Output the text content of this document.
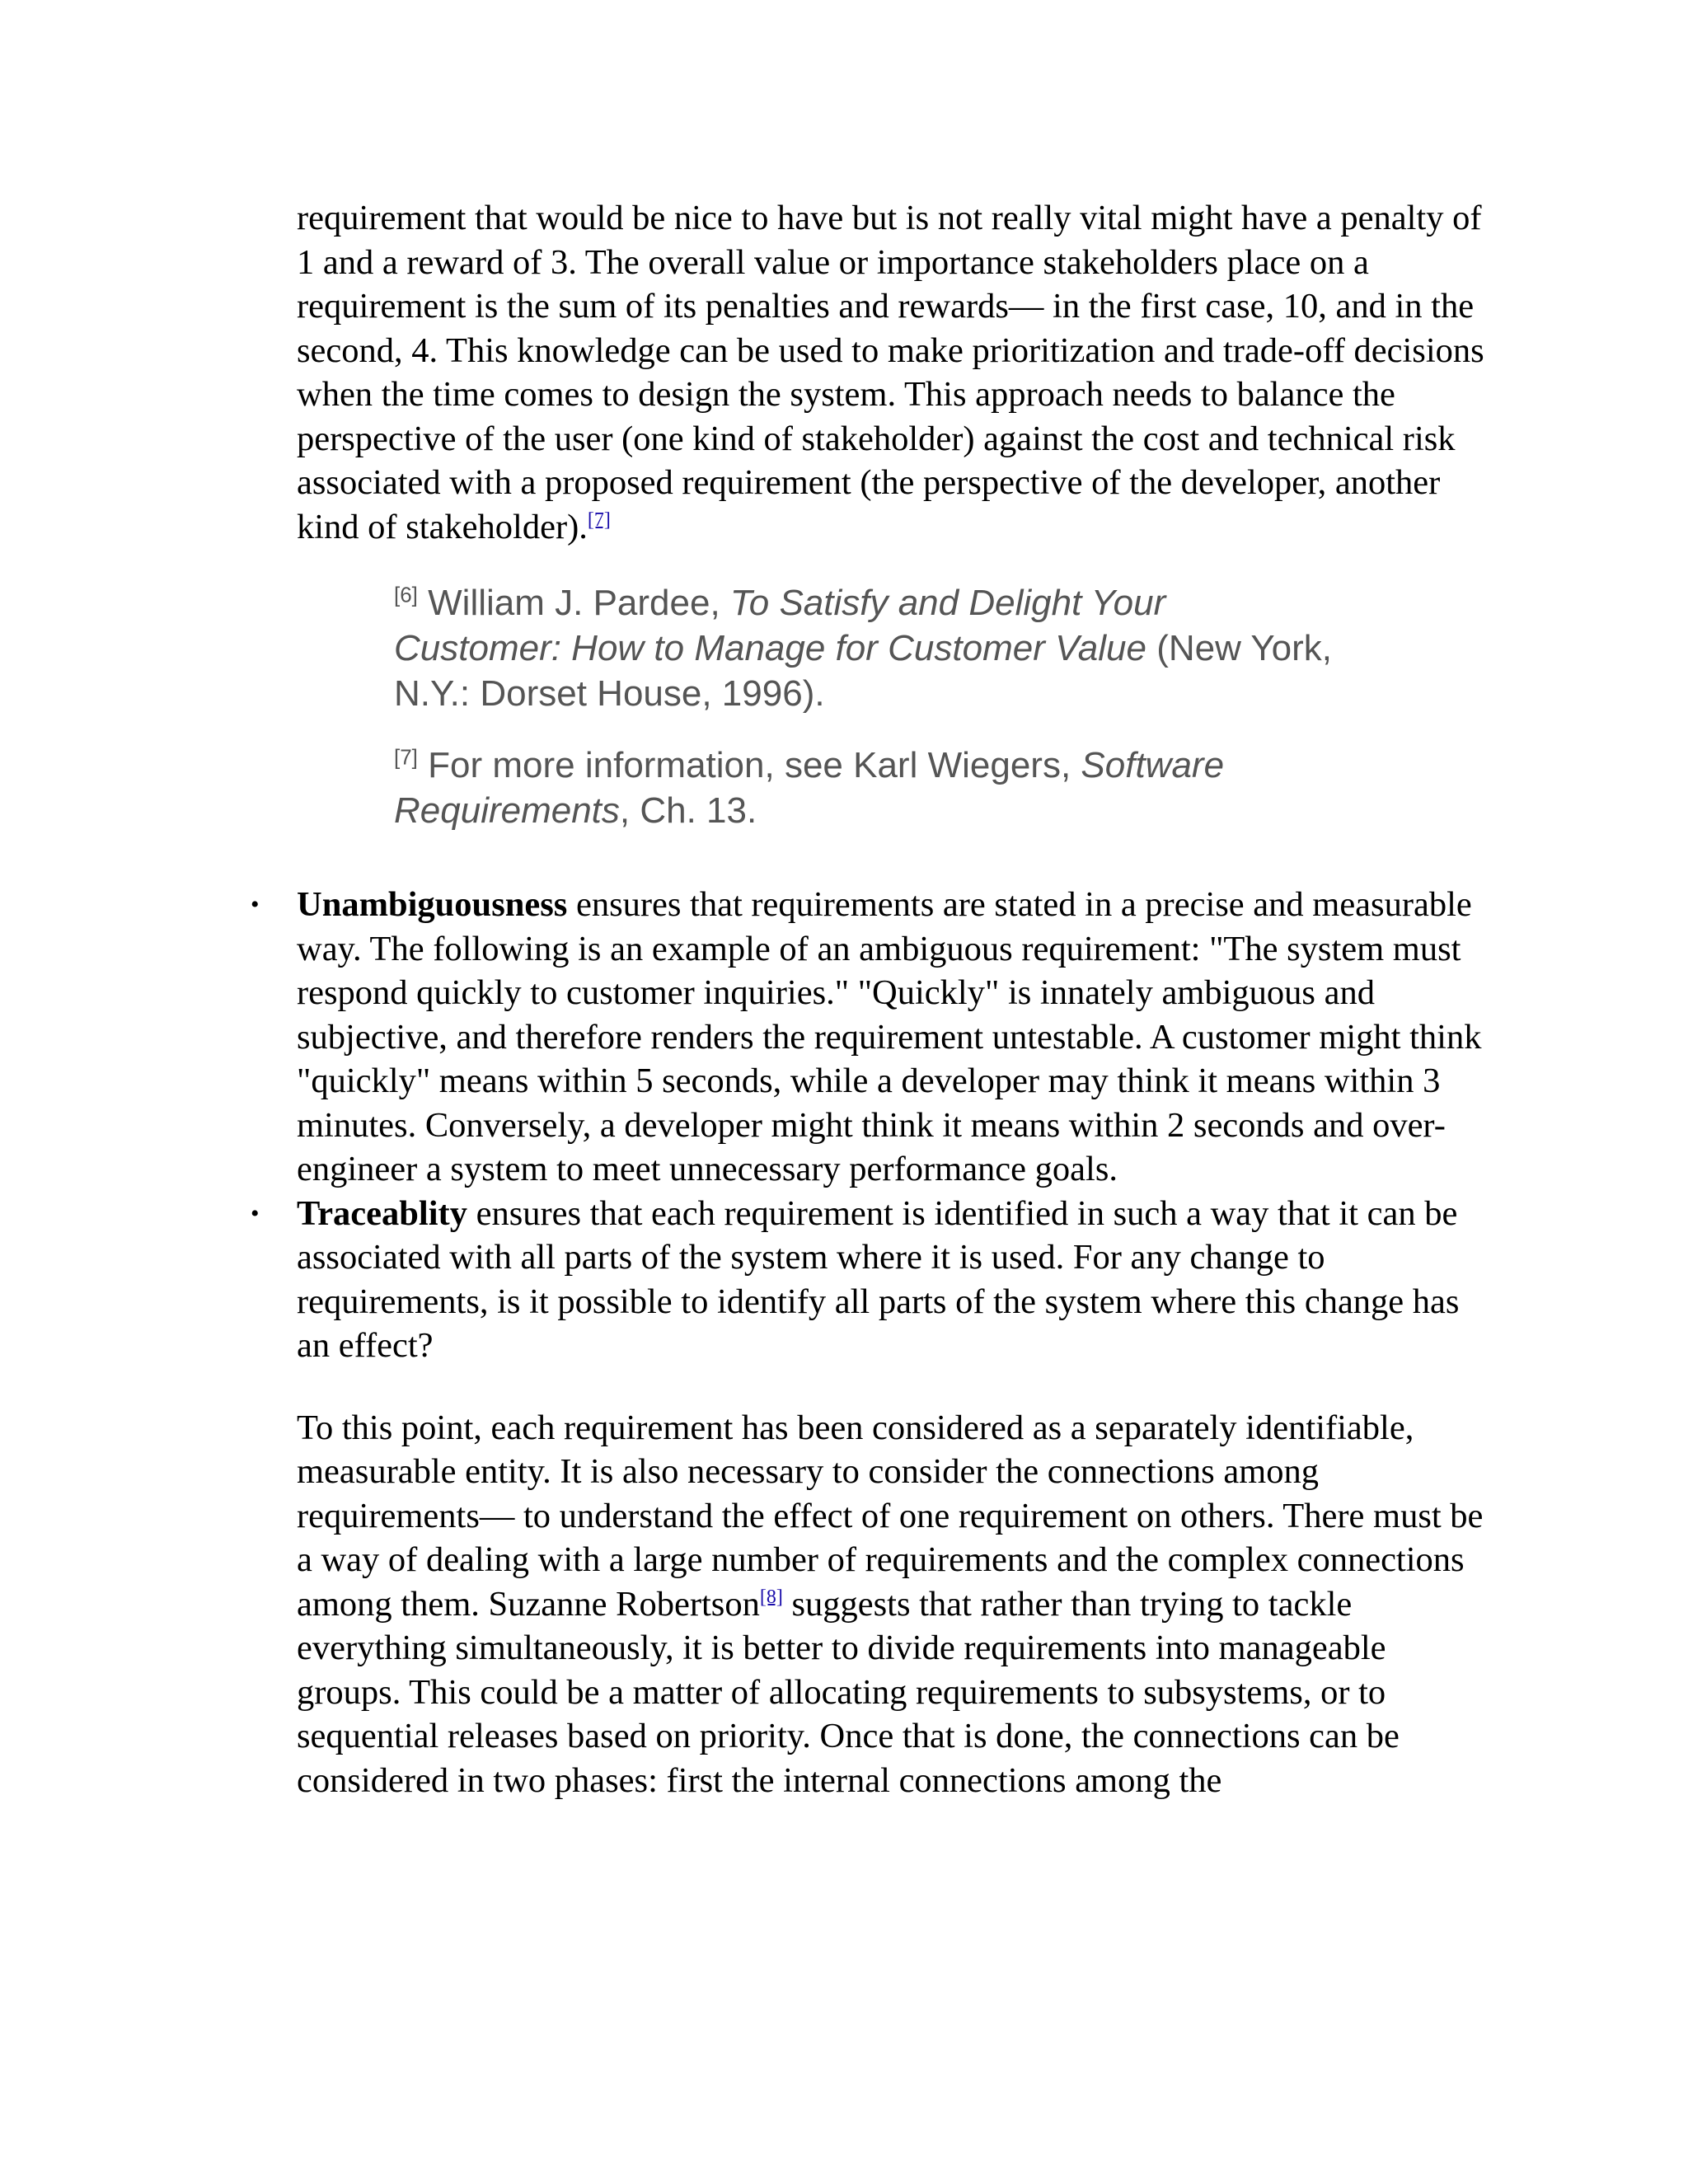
requirement that would be nice to have but is not really vital might have a penalty of 1 and a reward of 3. The overall value or importance stakeholders place on a requirement is the sum of its penalties and rewards— in the first case, 10, and in the second, 4. This knowledge can be used to make prioritization and trade-off decisions when the time comes to design the system. This approach needs to balance the perspective of the user (one kind of stakeholder) against the cost and technical risk associated with a proposed requirement (the perspective of the developer, another kind of stakeholder).[7]

[6] William J. Pardee, To Satisfy and Delight Your Customer: How to Manage for Customer Value (New York, N.Y.: Dorset House, 1996).

[7] For more information, see Karl Wiegers, Software Requirements, Ch. 13.

• Unambiguousness ensures that requirements are stated in a precise and measurable way. The following is an example of an ambiguous requirement: "The system must respond quickly to customer inquiries." "Quickly" is innately ambiguous and subjective, and therefore renders the requirement untestable. A customer might think "quickly" means within 5 seconds, while a developer may think it means within 3 minutes. Conversely, a developer might think it means within 2 seconds and over-engineer a system to meet unnecessary performance goals.
• Traceablity ensures that each requirement is identified in such a way that it can be associated with all parts of the system where it is used. For any change to requirements, is it possible to identify all parts of the system where this change has an effect?

To this point, each requirement has been considered as a separately identifiable, measurable entity. It is also necessary to consider the connections among requirements— to understand the effect of one requirement on others. There must be a way of dealing with a large number of requirements and the complex connections among them. Suzanne Robertson[8] suggests that rather than trying to tackle everything simultaneously, it is better to divide requirements into manageable groups. This could be a matter of allocating requirements to subsystems, or to sequential releases based on priority. Once that is done, the connections can be considered in two phases: first the internal connections among the
